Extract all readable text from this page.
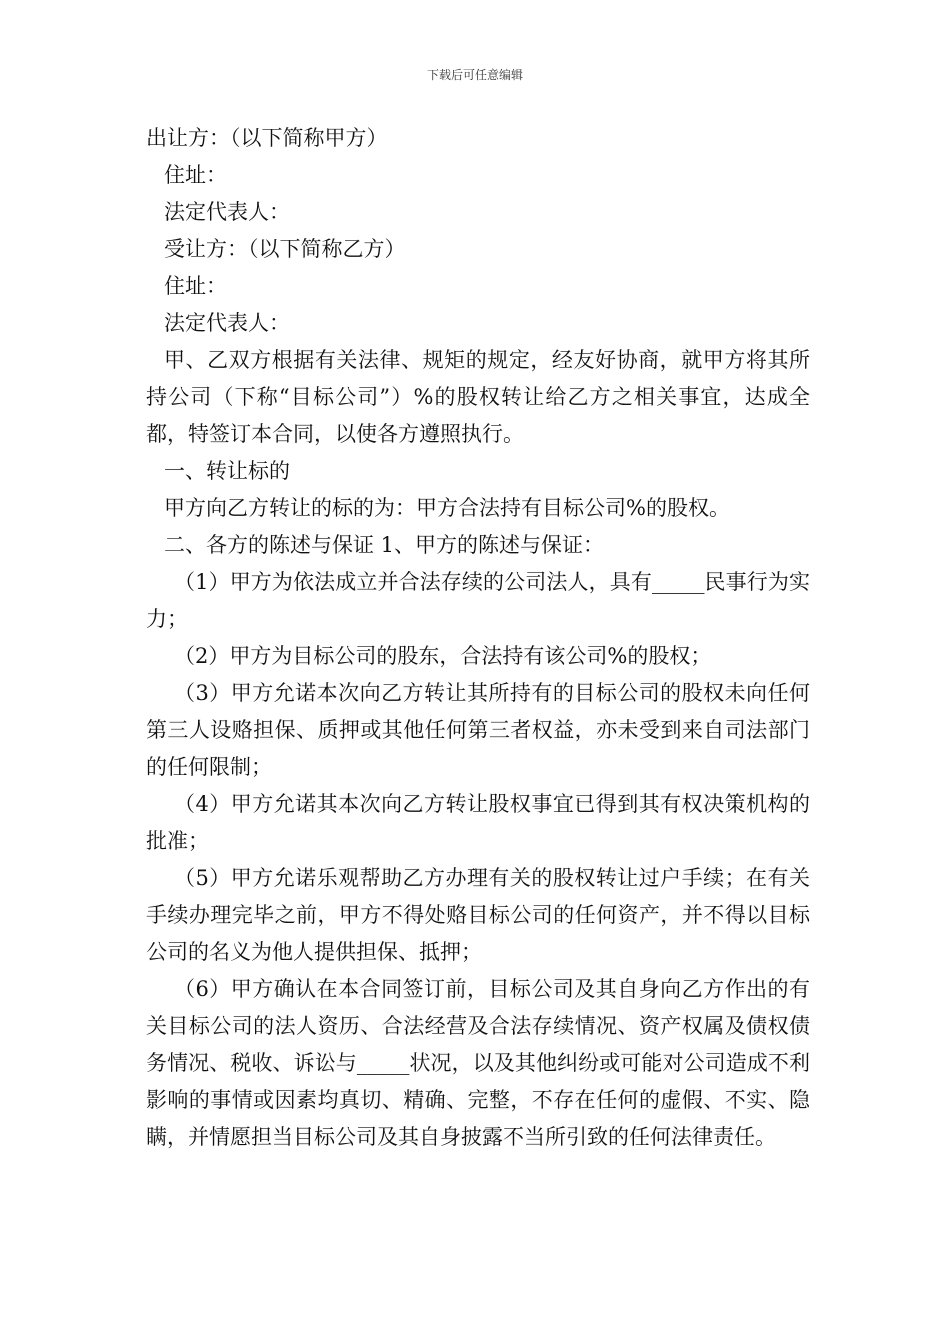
下载后可任意编辑

出让方：（以下简称甲方）

住址：

法定代表人：

受让方：（以下简称乙方）

住址：

法定代表人：

甲、乙双方根据有关法律、规矩的规定，经友好协商，就甲方将其所持公司（下称“目标公司”）%的股权转让给乙方之相关事宜，达成全都，特签订本合同，以使各方遵照执行。

一、转让标的

甲方向乙方转让的标的为：甲方合法持有目标公司%的股权。

二、各方的陈述与保证 1、甲方的陈述与保证：

（1）甲方为依法成立并合法存续的公司法人，具有_____民事行为实力；

（2）甲方为目标公司的股东，合法持有该公司%的股权；

（3）甲方允诺本次向乙方转让其所持有的目标公司的股权未向任何第三人设赂担保、质押或其他任何第三者权益，亦未受到来自司法部门的任何限制；

（4）甲方允诺其本次向乙方转让股权事宜已得到其有权决策机构的批准；

（5）甲方允诺乐观帮助乙方办理有关的股权转让过户手续；在有关手续办理完毕之前，甲方不得处赂目标公司的任何资产，并不得以目标公司的名义为他人提供担保、抵押；

（6）甲方确认在本合同签订前，目标公司及其自身向乙方作出的有关目标公司的法人资历、合法经营及合法存续情况、资产权属及债权债务情况、税收、诉讼与_____状况，以及其他纠纷或可能对公司造成不利影响的事情或因素均真切、精确、完整，不存在任何的虚假、不实、隐瞒，并情愿担当目标公司及其自身披露不当所引致的任何法律责任。
